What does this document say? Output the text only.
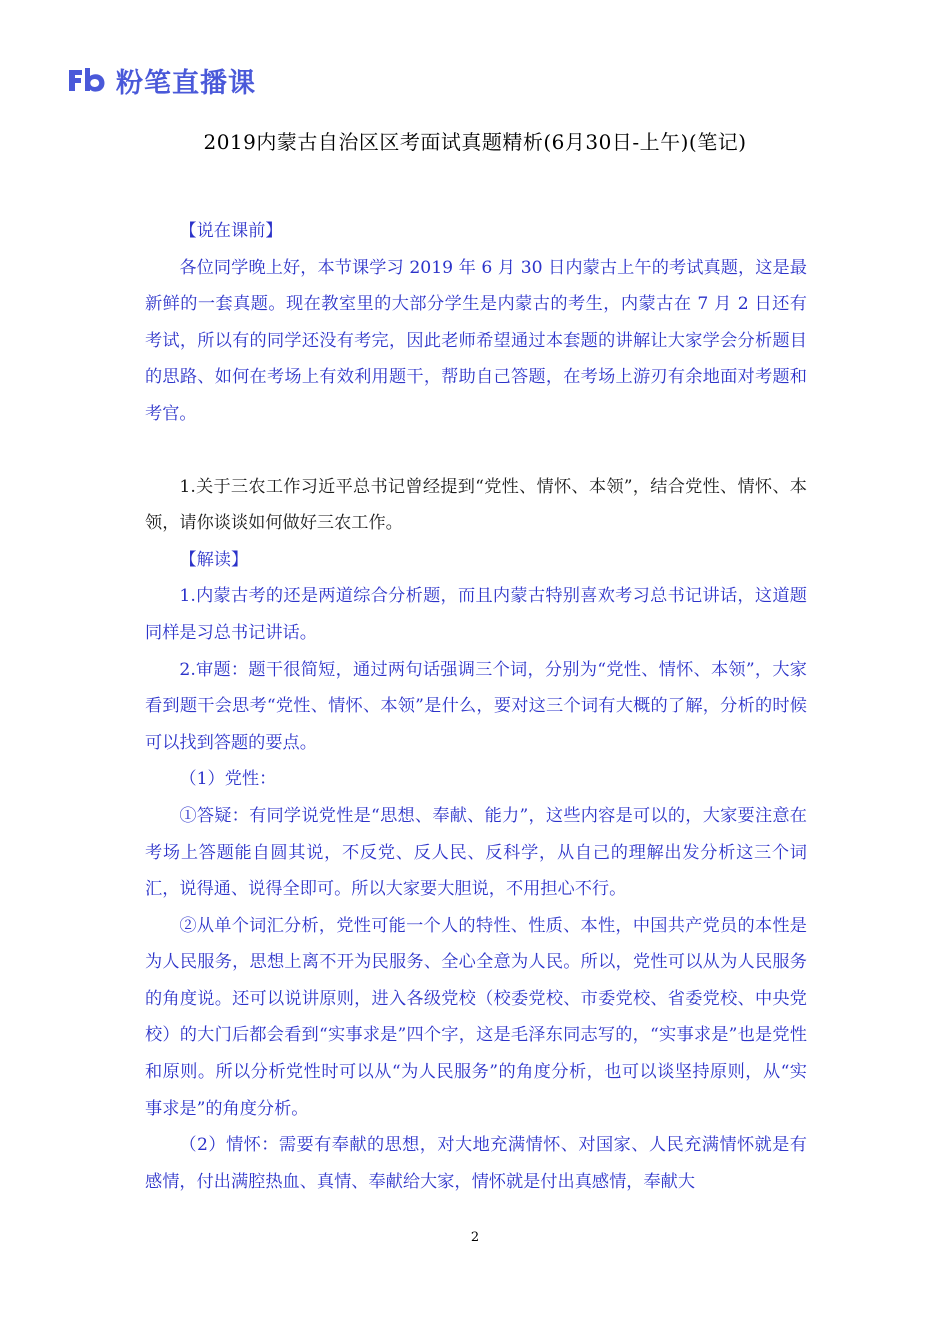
粉笔直播课
2019内蒙古自治区区考面试真题精析(6月30日-上午)(笔记)

【说在课前】

各位同学晚上好，本节课学习 2019 年 6 月 30 日内蒙古上午的考试真题，这是最新鲜的一套真题。现在教室里的大部分学生是内蒙古的考生，内蒙古在 7 月 2 日还有考试，所以有的同学还没有考完，因此老师希望通过本套题的讲解让大家学会分析题目的思路、如何在考场上有效利用题干，帮助自己答题，在考场上游刃有余地面对考题和考官。

1.关于三农工作习近平总书记曾经提到“党性、情怀、本领”，结合党性、情怀、本领，请你谈谈如何做好三农工作。

【解读】

1.内蒙古考的还是两道综合分析题，而且内蒙古特别喜欢考习总书记讲话，这道题同样是习总书记讲话。

2.审题：题干很简短，通过两句话强调三个词，分别为“党性、情怀、本领”，大家看到题干会思考“党性、情怀、本领”是什么，要对这三个词有大概的了解，分析的时候可以找到答题的要点。

（1）党性：

①答疑：有同学说党性是“思想、奉献、能力”，这些内容是可以的，大家要注意在考场上答题能自圆其说，不反党、反人民、反科学，从自己的理解出发分析这三个词汇，说得通、说得全即可。所以大家要大胆说，不用担心不行。

②从单个词汇分析，党性可能一个人的特性、性质、本性，中国共产党员的本性是为人民服务，思想上离不开为民服务、全心全意为人民。所以，党性可以从为人民服务的角度说。还可以说讲原则，进入各级党校（校委党校、市委党校、省委党校、中央党校）的大门后都会看到“实事求是”四个字，这是毛泽东同志写的，“实事求是”也是党性和原则。所以分析党性时可以从“为人民服务”的角度分析，也可以谈坚持原则，从“实事求是”的角度分析。

（2）情怀：需要有奉献的思想，对大地充满情怀、对国家、人民充满情怀就是有感情，付出满腔热血、真情、奉献给大家，情怀就是付出真感情，奉献大

2
